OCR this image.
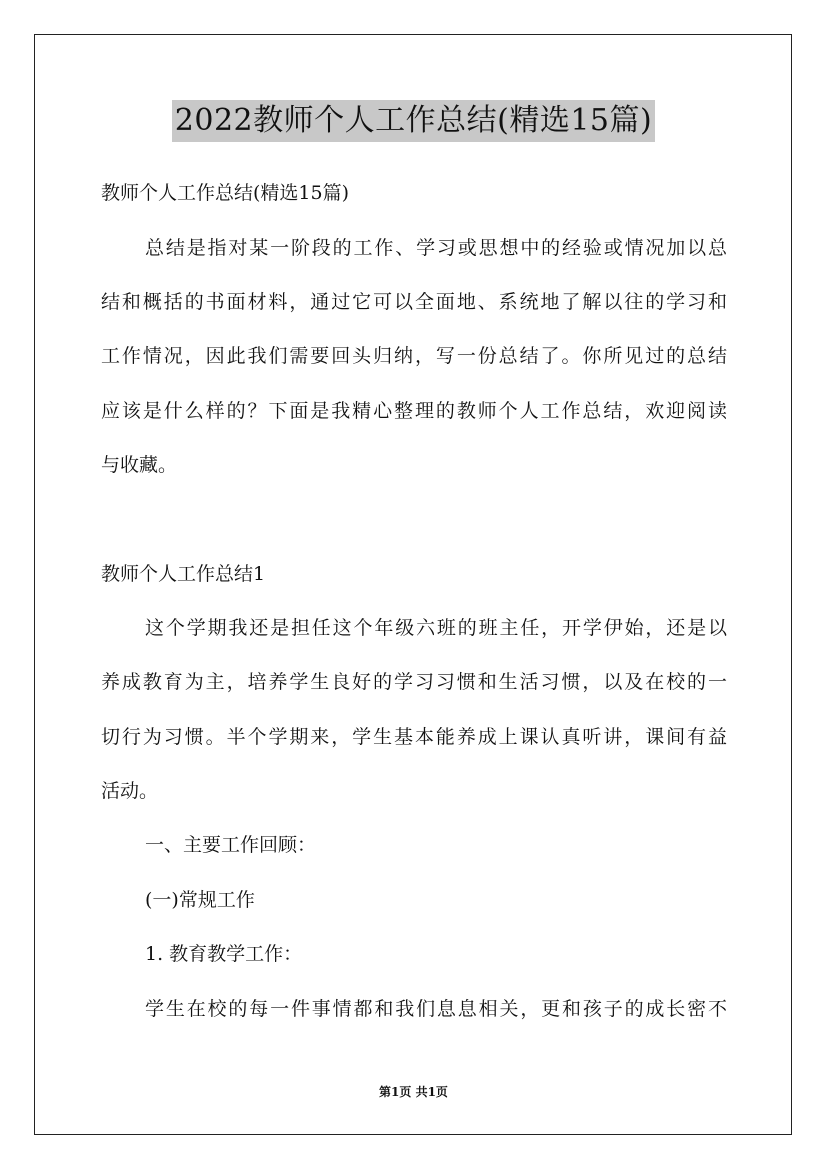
2022教师个人工作总结(精选15篇)
教师个人工作总结(精选15篇)
总结是指对某一阶段的工作、学习或思想中的经验或情况加以总
结和概括的书面材料，通过它可以全面地、系统地了解以往的学习和
工作情况，因此我们需要回头归纳，写一份总结了。你所见过的总结
应该是什么样的？下面是我精心整理的教师个人工作总结，欢迎阅读
与收藏。
教师个人工作总结1
这个学期我还是担任这个年级六班的班主任，开学伊始，还是以
养成教育为主，培养学生良好的学习习惯和生活习惯，以及在校的一
切行为习惯。半个学期来，学生基本能养成上课认真听讲，课间有益
活动。
一、主要工作回顾：
(一)常规工作
1. 教育教学工作：
学生在校的每一件事情都和我们息息相关，更和孩子的成长密不
第1页 共1页
